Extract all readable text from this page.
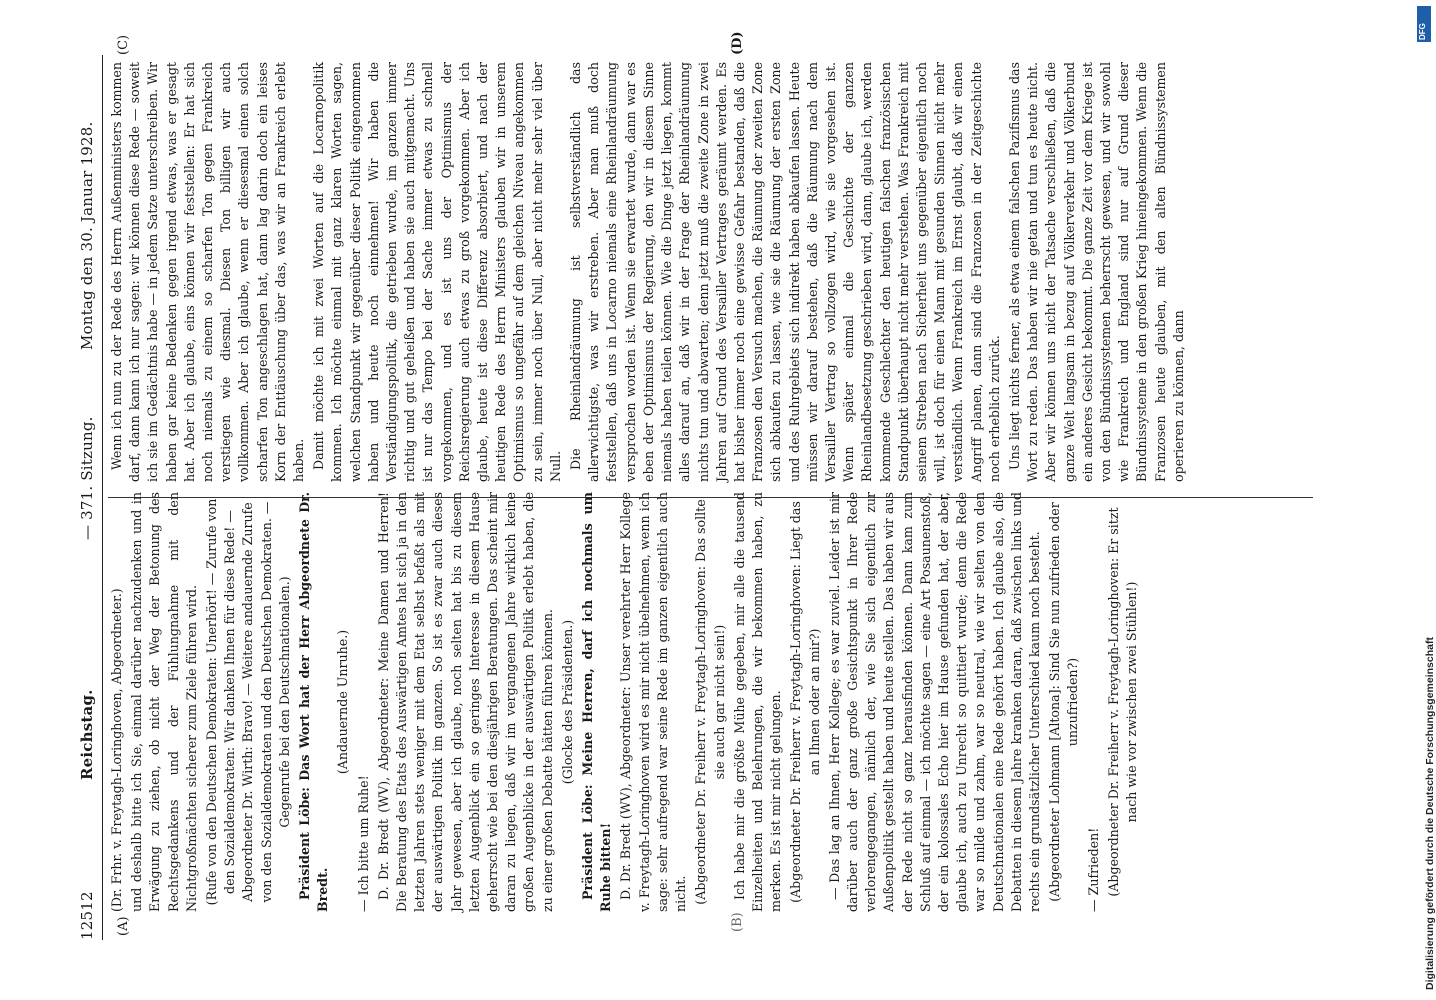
12512
Reichstag.
— 371. Sitzung.
Montag den 30. Januar 1928.
(A)	(B)
(C)	(D)

(Dr. Frhr. v. Freytagh-Loringhoven, Abgeordneter.) und deshalb bitte ich Sie, einmal darüber nachzudenken und in Erwägung zu ziehen, ob nicht der Weg der Betonung des Rechtsgedankens und der Fühlungnahme mit den Nichtgroßmächten sicherer zum Ziele führen wird. (Rufe von den Deutschen Demokraten: Unerhört! — Zurufe von den Sozialdemokraten: Wir danken Ihnen für diese Rede! — Abgeordneter Dr. Wirth: Bravo! — Weitere andauernde Zurufe von den Sozialdemokraten und den Deutschen Demokraten. — Gegenrufe bei den Deutschnationalen.) Präsident Löbe: Das Wort hat der Herr Abgeordnete Dr. Bredt.

(Andauernde Unruhe.)

— Ich bitte um Ruhe! D. Dr. Bredt (WV), Abgeordneter: Meine Damen und Herren! Die Beratung des Etats des Auswärtigen Amtes hat sich ja in den letzten Jahren stets weniger mit dem Etat selbst befaßt als mit der auswärtigen Politik im ganzen. So ist es zwar auch dieses Jahr gewesen, aber ich glaube, noch selten hat bis zu diesem letzten Augenblick ein so geringes Interesse in diesem Hause geherrscht wie bei den diesjährigen Beratungen. Das scheint mir daran zu liegen, daß wir im vergangenen Jahre wirklich keine großen Augenblicke in der auswärtigen Politik erlebt haben, die zu einer großen Debatte hätten führen können. (Glocke des Präsidenten.) Präsident Löbe: Meine Herren, darf ich nochmals um Ruhe bitten! D. Dr. Bredt (WV), Abgeordneter: Unser verehrter Herr Kollege v. Freytagh-Loringhoven wird es mir nicht übelnehmen, wenn ich sage: sehr aufregend war seine Rede im ganzen eigentlich auch nicht. (Abgeordneter Dr. Freiherr v. Freytagh-Loringhoven: Das sollte sie auch gar nicht sein!) Ich habe mir die größte Mühe gegeben, mir alle die tausend Einzelheiten und Belehrungen, die wir bekommen haben, zu merken. Es ist mir nicht gelungen. (Abgeordneter Dr. Freiherr v. Freytagh-Loringhoven: Liegt das an Ihnen oder an mir?) — Das lag an Ihnen, Herr Kollege; es war zuviel. Leider ist mir darüber auch der ganz große Gesichtspunkt in Ihrer Rede verlorengegangen, nämlich der, wie Sie sich eigentlich zur Außenpolitik gestellt haben und heute stellen. Das haben wir aus der Rede nicht so ganz herausfinden können. Dann kam zum Schluß auf einmal — ich möchte sagen — eine Art Posaunenstoß, der ein kolossales Echo hier im Hause gefunden hat, der aber, glaube ich, auch zu Unrecht so quittiert wurde; denn die Rede war so milde und zahm, war so neutral, wie wir selten von den Deutschnationalen eine Rede gehört haben. Ich glaube also, die Debatten in diesem Jahre kranken daran, daß zwischen links und rechts ein grundsätzlicher Unterschied kaum noch besteht. (Abgeordneter Lohmann [Altona]: Sind Sie nun zufrieden oder unzufrieden?)

— Zufrieden! (Abgeordneter Dr. Freiherr v. Freytagh-Loringhoven: Er sitzt nach wie vor zwischen zwei Stühlen!)

Wenn ich nun zu der Rede des Herrn Außenministers kommen darf, dann kann ich nur sagen: wir können diese Rede — soweit ich sie im Gedächtnis habe — in jedem Satze unterschreiben. Wir haben gar keine Bedenken gegen irgend etwas, was er gesagt hat. Aber ich glaube, eins können wir feststellen: Er hat sich noch niemals zu einem so scharfen Ton gegen Frankreich verstiegen wie diesmal. Diesen Ton billigen wir auch vollkommen. Aber ich glaube, wenn er diesesmal einen solch scharfen Ton angeschlagen hat, dann lag darin doch ein leises Korn der Enttäuschung über das, was wir an Frankreich erlebt haben. Damit möchte ich mit zwei Worten auf die Locarnopolitik kommen. Ich möchte einmal mit ganz klaren Worten sagen, welchen Standpunkt wir gegenüber dieser Politik eingenommen haben und heute noch einnehmen! Wir haben die Verständigungspolitik, die getrieben wurde, im ganzen immer richtig und gut geheißen und haben sie auch mitgemacht. Uns ist nur das Tempo bei der Sache immer etwas zu schnell vorgekommen, und es ist uns der Optimismus der Reichsregierung auch etwas zu groß vorgekommen. Aber ich glaube, heute ist diese Differenz absorbiert, und nach der heutigen Rede des Herrn Ministers glauben wir in unserem Optimismus so ungefähr auf dem gleichen Niveau angekommen zu sein, immer noch über Null, aber nicht mehr sehr viel über Null. Die Rheinlandräumung ist selbstverständlich das allerwichtigste, was wir erstreben. Aber man muß doch feststellen, daß uns in Locarno niemals eine Rheinlandräumung versprochen worden ist. Wenn sie erwartet wurde, dann war es eben der Optimismus der Regierung, den wir in diesem Sinne niemals haben teilen können. Wie die Dinge jetzt liegen, kommt alles darauf an, daß wir in der Frage der Rheinlandräumung nichts tun und abwarten; denn jetzt muß die zweite Zone in zwei Jahren auf Grund des Versailler Vertrages geräumt werden. Es hat bisher immer noch eine gewisse Gefahr bestanden, daß die Franzosen den Versuch machen, die Räumung der zweiten Zone sich abkaufen zu lassen, wie sie die Räumung der ersten Zone und des Ruhrgebiets sich indirekt haben abkaufen lassen. Heute müssen wir darauf bestehen, daß die Räumung nach dem Versailler Vertrag so vollzogen wird, wie sie vorgesehen ist. Wenn später einmal die Geschichte der ganzen Rheinlandbesetzung geschrieben wird, dann, glaube ich, werden kommende Geschlechter den heutigen falschen französischen Standpunkt überhaupt nicht mehr verstehen. Was Frankreich mit seinem Streben nach Sicherheit uns gegenüber eigentlich noch will, ist doch für einen Mann mit gesunden Sinnen nicht mehr verständlich. Wenn Frankreich im Ernst glaubt, daß wir einen Angriff planen, dann sind die Franzosen in der Zeitgeschichte noch erheblich zurück. Uns liegt nichts ferner, als etwa einem falschen Pazifismus das Wort zu reden. Das haben wir nie getan und tun es heute nicht. Aber wir können uns nicht der Tatsache verschließen, daß die ganze Welt langsam in bezug auf Völkerverkehr und Völkerbund ein anderes Gesicht bekommt. Die ganze Zeit vor dem Kriege ist von den Bündnissystemen beherrscht gewesen, und wir sowohl wie Frankreich und England sind nur auf Grund dieser Bündnissysteme in den großen Krieg hineingekommen. Wenn die Franzosen heute glauben, mit den alten Bündnissystemen operieren zu können, dann

Digitalisierung gefördert durch die Deutsche Forschungsgemeinschaft
DFG
